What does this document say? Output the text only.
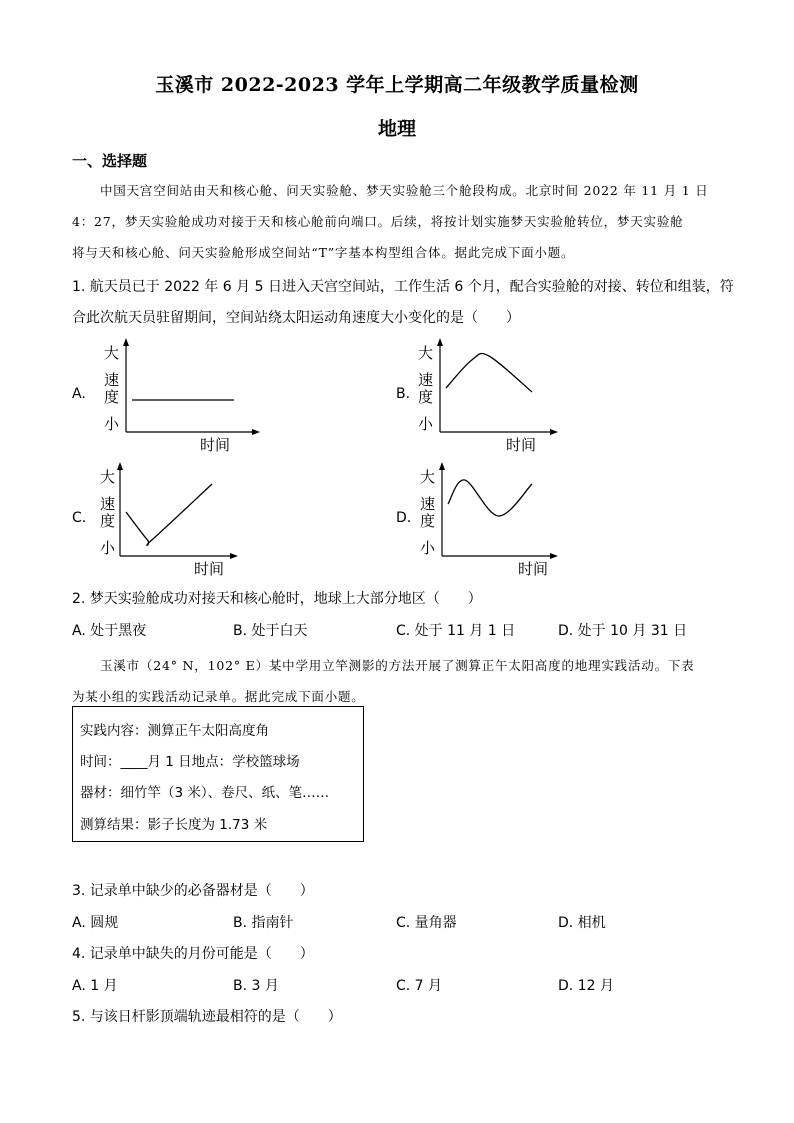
玉溪市 2022-2023 学年上学期高二年级教学质量检测
地理
一、选择题
中国天宫空间站由天和核心舱、问天实验舱、梦天实验舱三个舱段构成。北京时间 2022 年 11 月 1 日
4：27，梦天实验舱成功对接于天和核心舱前向端口。后续，将按计划实施梦天实验舱转位，梦天实验舱
将与天和核心舱、问天实验舱形成空间站“T”字基本构型组合体。据此完成下面小题。
1. 航天员已于 2022 年 6 月 5 日进入天宫空间站，工作生活 6 个月，配合实验舱的对接、转位和组装，符
合此次航天员驻留期间，空间站绕太阳运动角速度大小变化的是（　　）
A.
大
速
度
小
时间
B.
大
速
度
小
时间
C.
大
速
度
小
时间
D.
大
速
度
小
时间
2. 梦天实验舱成功对接天和核心舱时，地球上大部分地区（　　）
A. 处于黑夜	B. 处于白天	C. 处于 11 月 1 日	D. 处于 10 月 31 日
玉溪市（24° N，102° E）某中学用立竿测影的方法开展了测算正午太阳高度的地理实践活动。下表
为某小组的实践活动记录单。据此完成下面小题。
实践内容：测算正午太阳高度角
时间：____月 1 日地点：学校篮球场
器材：细竹竿（3 米）、卷尺、纸、笔……
测算结果：影子长度为 1.73 米
3. 记录单中缺少的必备器材是（　　）
A. 圆规	B. 指南针	C. 量角器	D. 相机
4. 记录单中缺失的月份可能是（　　）
A. 1 月	B. 3 月	C. 7 月	D. 12 月
5. 与该日杆影顶端轨迹最相符的是（　　）
